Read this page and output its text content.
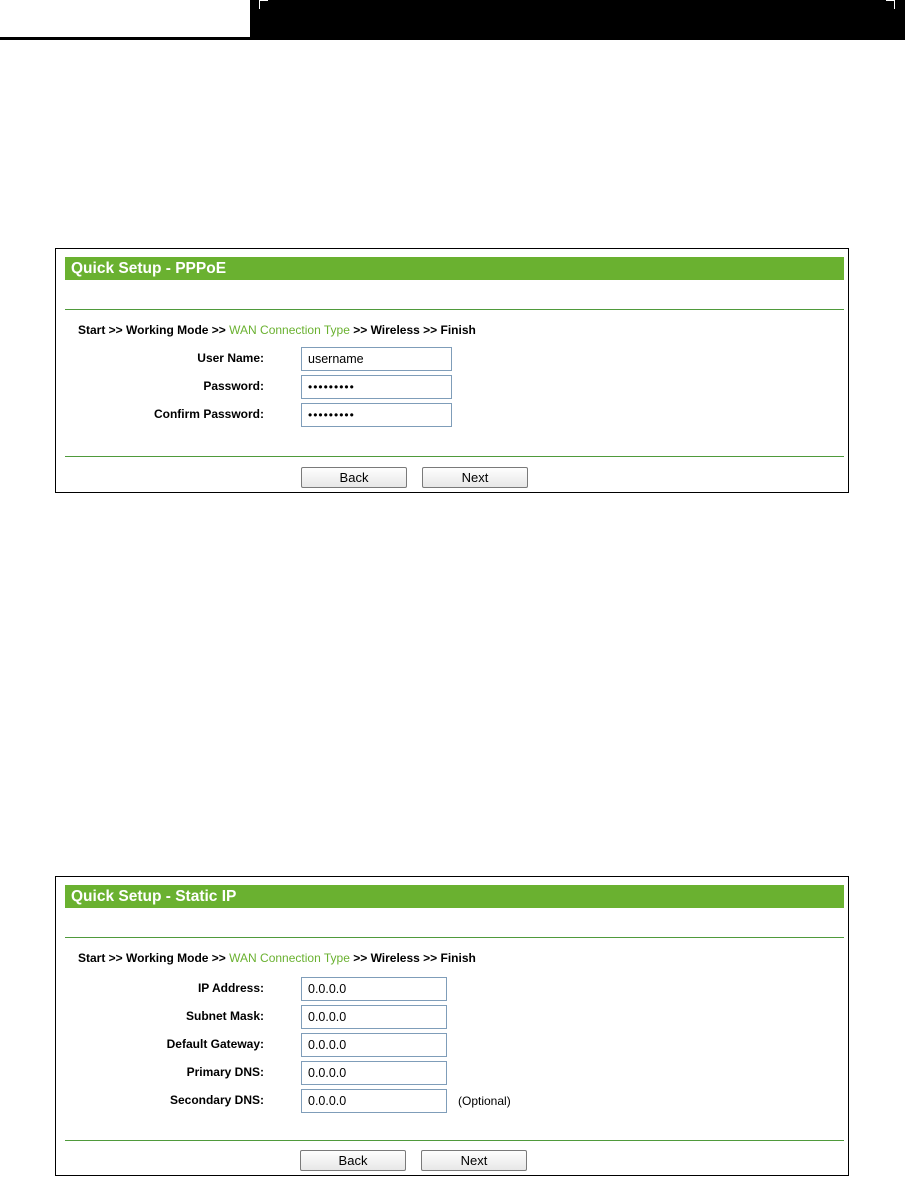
Quick Setup - PPPoE
Start >> Working Mode >> WAN Connection Type >> Wireless >> Finish
User Name:
username
Password:
•••••••••
Confirm Password:
•••••••••
Back	Next
Quick Setup - Static IP
Start >> Working Mode >> WAN Connection Type >> Wireless >> Finish
IP Address:
0.0.0.0
Subnet Mask:
0.0.0.0
Default Gateway:
0.0.0.0
Primary DNS:
0.0.0.0
Secondary DNS:
0.0.0.0	(Optional)
Back	Next
